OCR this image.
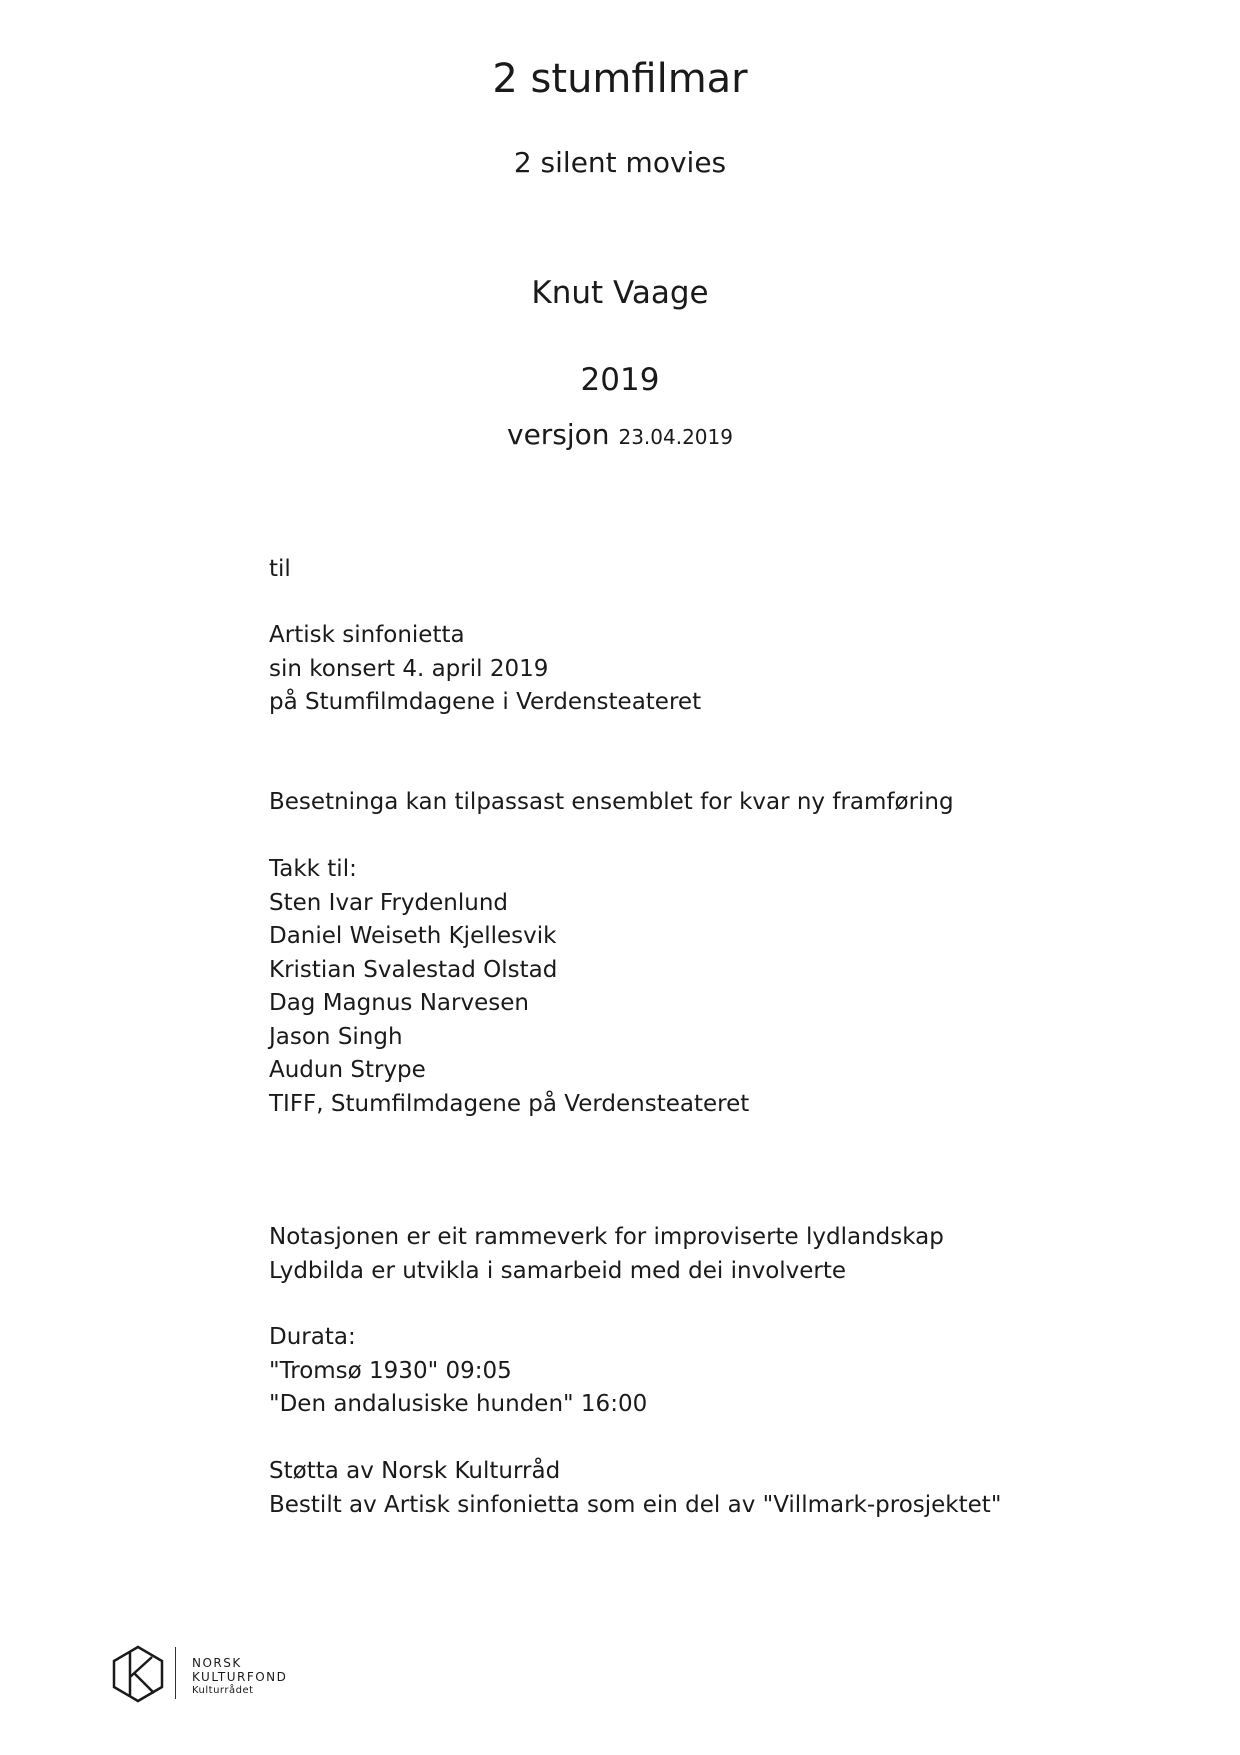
2 stumfilmar
2 silent movies
Knut Vaage
2019
versjon 23.04.2019
til
Artisk sinfonietta
sin konsert 4. april 2019
på Stumfilmdagene i Verdensteateret
Besetninga kan tilpassast ensemblet for kvar ny framføring
Takk til:
Sten Ivar Frydenlund
Daniel Weiseth Kjellesvik
Kristian Svalestad Olstad
Dag Magnus Narvesen
Jason Singh
Audun Strype
TIFF, Stumfilmdagene på Verdensteateret
Notasjonen er eit rammeverk for improviserte lydlandskap
Lydbilda er utvikla i samarbeid med dei involverte
Durata:
"Tromsø 1930" 09:05
"Den andalusiske hunden" 16:00
Støtta av Norsk Kulturråd
Bestilt av Artisk sinfonietta som ein del av "Villmark-prosjektet"
NORSK
KULTURFOND
Kulturrådet
